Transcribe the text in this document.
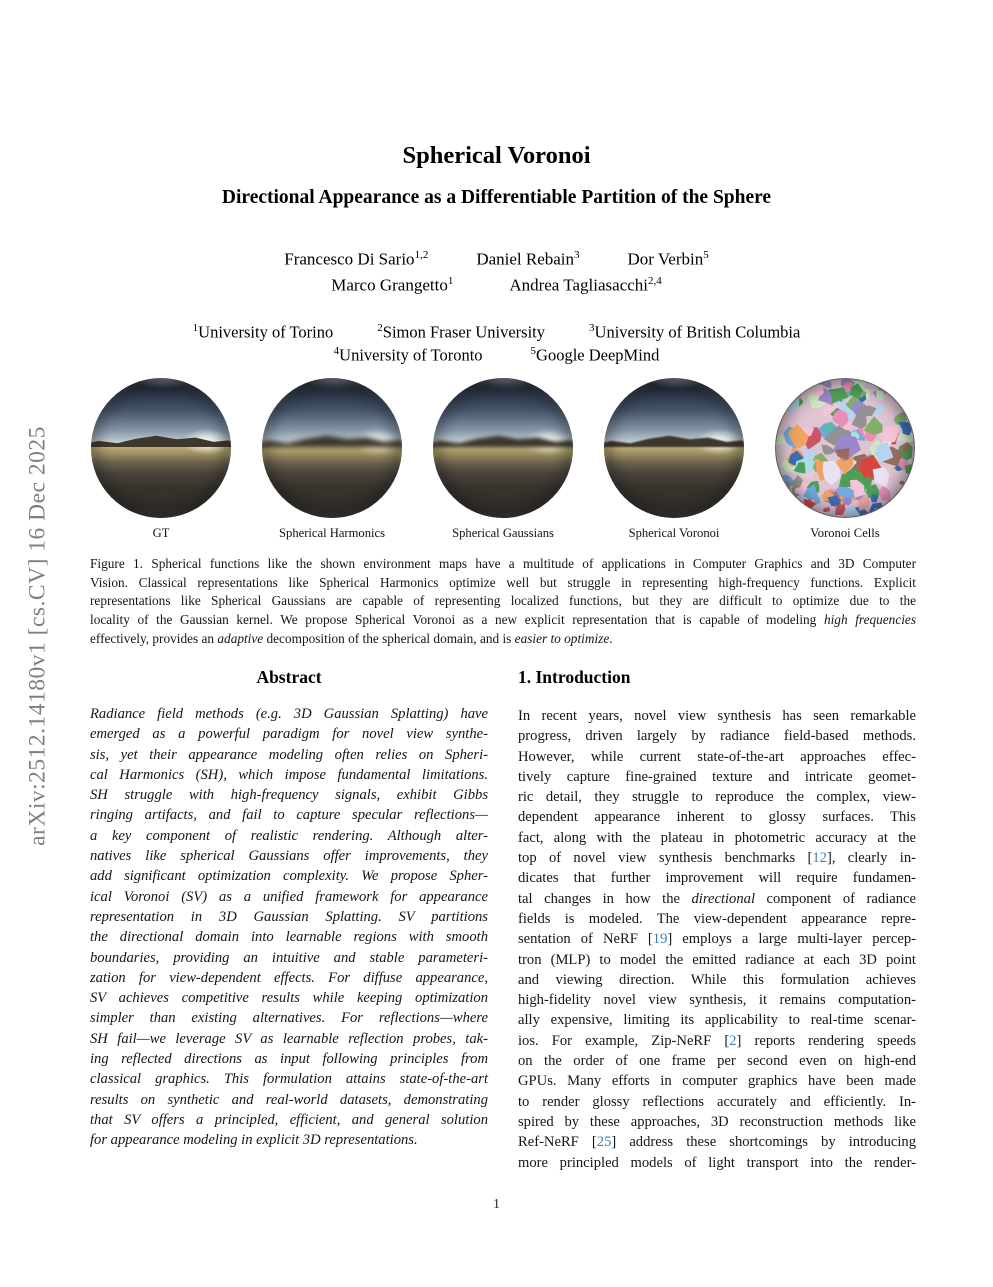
arXiv:2512.14180v1 [cs.CV] 16 Dec 2025
Spherical Voronoi
Directional Appearance as a Differentiable Partition of the Sphere
Francesco Di Sario$^{1,2}$	Daniel Rebain$^3$	Dor Verbin$^5$
Marco Grangetto$^1$	Andrea Tagliasacchi$^{2,4}$
$^1$University of Torino	$^2$Simon Fraser University	$^3$University of British Columbia
$^4$University of Toronto	$^5$Google DeepMind
GT	Spherical Harmonics	Spherical Gaussians	Spherical Voronoi	Voronoi Cells
Figure 1. Spherical functions like the shown environment maps have a multitude of applications in Computer Graphics and 3D Computer
Vision. Classical representations like Spherical Harmonics optimize well but struggle in representing high-frequency functions. Explicit
representations like Spherical Gaussians are capable of representing localized functions, but they are difficult to optimize due to the
locality of the Gaussian kernel. We propose Spherical Voronoi as a new explicit representation that is capable of modeling high frequencies
effectively, provides an adaptive decomposition of the spherical domain, and is easier to optimize.
Abstract
Radiance field methods (e.g. 3D Gaussian Splatting) have
emerged as a powerful paradigm for novel view synthe-
sis, yet their appearance modeling often relies on Spheri-
cal Harmonics (SH), which impose fundamental limitations.
SH struggle with high-frequency signals, exhibit Gibbs
ringing artifacts, and fail to capture specular reflections—
a key component of realistic rendering. Although alter-
natives like spherical Gaussians offer improvements, they
add significant optimization complexity. We propose Spher-
ical Voronoi (SV) as a unified framework for appearance
representation in 3D Gaussian Splatting. SV partitions
the directional domain into learnable regions with smooth
boundaries, providing an intuitive and stable parameteri-
zation for view-dependent effects. For diffuse appearance,
SV achieves competitive results while keeping optimization
simpler than existing alternatives. For reflections—where
SH fail—we leverage SV as learnable reflection probes, tak-
ing reflected directions as input following principles from
classical graphics. This formulation attains state-of-the-art
results on synthetic and real-world datasets, demonstrating
that SV offers a principled, efficient, and general solution
for appearance modeling in explicit 3D representations.
1. Introduction
In recent years, novel view synthesis has seen remarkable
progress, driven largely by radiance field-based methods.
However, while current state-of-the-art approaches effec-
tively capture fine-grained texture and intricate geomet-
ric detail, they struggle to reproduce the complex, view-
dependent appearance inherent to glossy surfaces. This
fact, along with the plateau in photometric accuracy at the
top of novel view synthesis benchmarks [12], clearly in-
dicates that further improvement will require fundamen-
tal changes in how the directional component of radiance
fields is modeled. The view-dependent appearance repre-
sentation of NeRF [19] employs a large multi-layer percep-
tron (MLP) to model the emitted radiance at each 3D point
and viewing direction. While this formulation achieves
high-fidelity novel view synthesis, it remains computation-
ally expensive, limiting its applicability to real-time scenar-
ios. For example, Zip-NeRF [2] reports rendering speeds
on the order of one frame per second even on high-end
GPUs. Many efforts in computer graphics have been made
to render glossy reflections accurately and efficiently. In-
spired by these approaches, 3D reconstruction methods like
Ref-NeRF [25] address these shortcomings by introducing
more principled models of light transport into the render-
1
